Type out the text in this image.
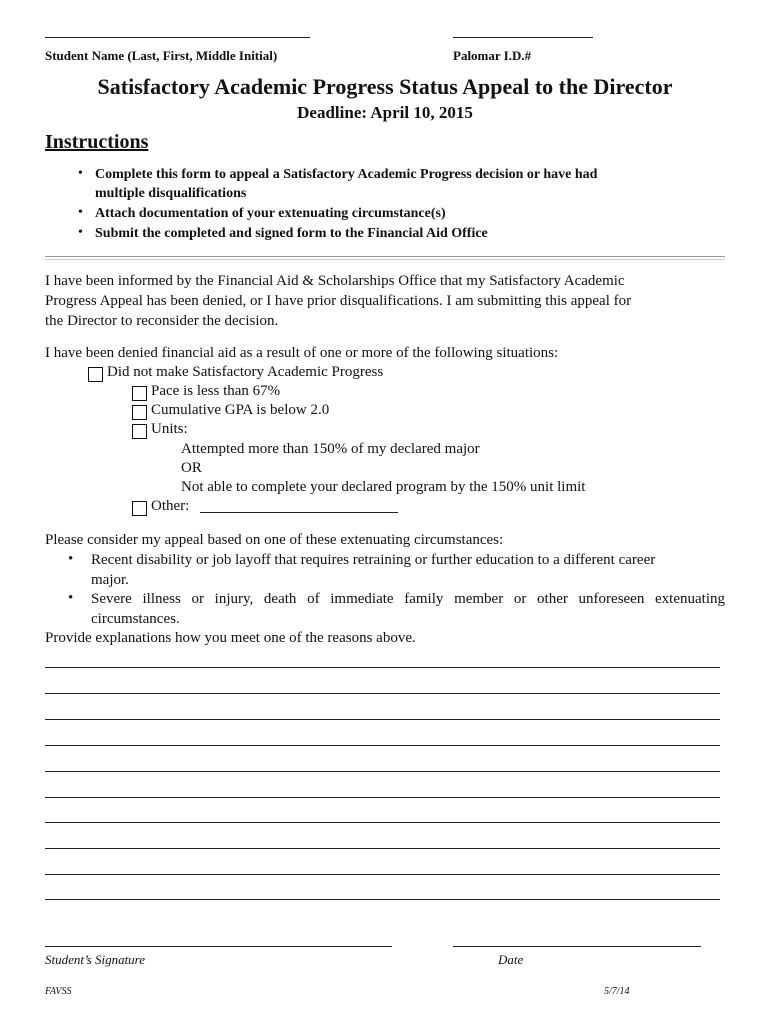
Student Name (Last, First, Middle Initial)	Palomar I.D.#
Satisfactory Academic Progress Status Appeal to the Director
Deadline: April 10, 2015
Instructions
• Complete this form to appeal a Satisfactory Academic Progress decision or have had
multiple disqualifications
• Attach documentation of your extenuating circumstance(s)
• Submit the completed and signed form to the Financial Aid Office
I have been informed by the Financial Aid & Scholarships Office that my Satisfactory Academic
Progress Appeal has been denied, or I have prior disqualifications. I am submitting this appeal for
the Director to reconsider the decision.
I have been denied financial aid as a result of one or more of the following situations:
Did not make Satisfactory Academic Progress
Pace is less than 67%
Cumulative GPA is below 2.0
Units:
Attempted more than 150% of my declared major
OR
Not able to complete your declared program by the 150% unit limit
Other:
Please consider my appeal based on one of these extenuating circumstances:
• Recent disability or job layoff that requires retraining or further education to a different career
major.
• Severe illness or injury, death of immediate family member or other unforeseen extenuating
circumstances.
Provide explanations how you meet one of the reasons above.
Student’s Signature	Date
FAVSS	5/7/14
